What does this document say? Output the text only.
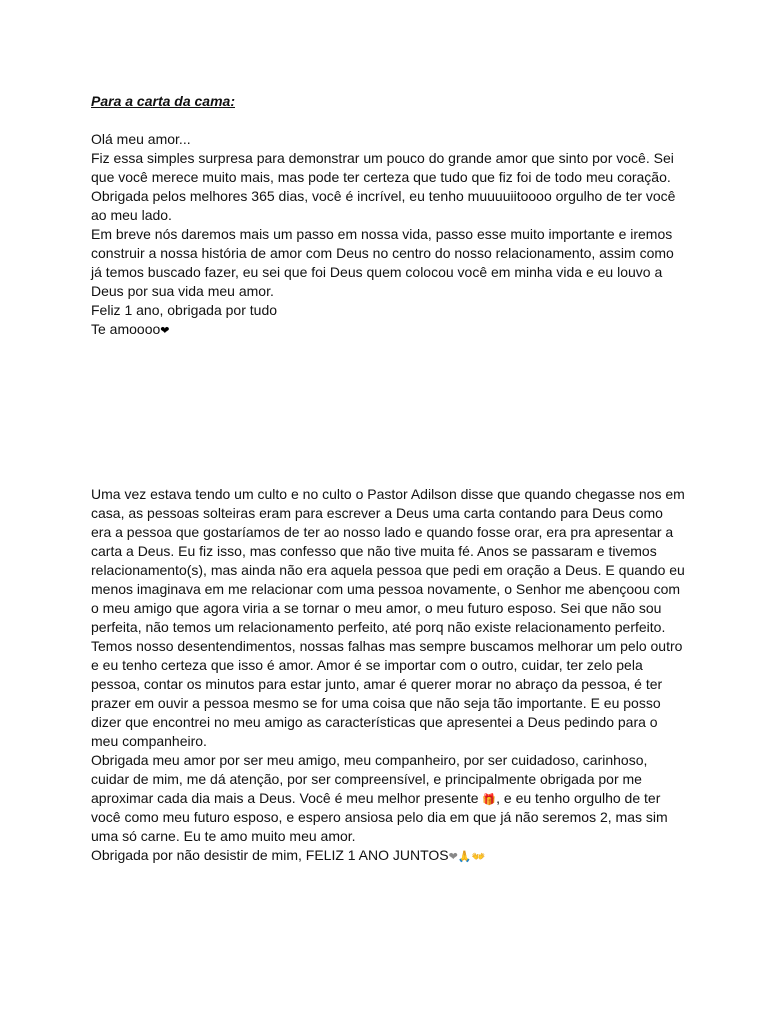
Para a carta da cama:
Olá meu amor...
Fiz essa simples surpresa para demonstrar um pouco do grande amor que sinto por você. Sei
que você merece muito mais, mas pode ter certeza que tudo que fiz foi de todo meu coração.
Obrigada pelos melhores 365 dias, você é incrível, eu tenho muuuuiitoooo orgulho de ter você
ao meu lado.
Em breve nós daremos mais um passo em nossa vida, passo esse muito importante e iremos
construir a nossa história de amor com Deus no centro do nosso relacionamento, assim como
já temos buscado fazer, eu sei que foi Deus quem colocou você em minha vida e eu louvo a
Deus por sua vida meu amor.
Feliz 1 ano, obrigada por tudo
Te amoooo❤
Uma vez estava tendo um culto e no culto o Pastor Adilson disse que quando chegasse nos em
casa, as pessoas solteiras eram para escrever a Deus uma carta contando para Deus como
era a pessoa que gostaríamos de ter ao nosso lado e quando fosse orar, era pra apresentar a
carta a Deus. Eu fiz isso, mas confesso que não tive muita fé. Anos se passaram e tivemos
relacionamento(s), mas ainda não era aquela pessoa que pedi em oração a Deus. E quando eu
menos imaginava em me relacionar com uma pessoa novamente, o Senhor me abençoou com
o meu amigo que agora viria a se tornar o meu amor, o meu futuro esposo. Sei que não sou
perfeita, não temos um relacionamento perfeito, até porq não existe relacionamento perfeito.
Temos nosso desentendimentos, nossas falhas mas sempre buscamos melhorar um pelo outro
e eu tenho certeza que isso é amor. Amor é se importar com o outro, cuidar, ter zelo pela
pessoa, contar os minutos para estar junto, amar é querer morar no abraço da pessoa, é ter
prazer em ouvir a pessoa mesmo se for uma coisa que não seja tão importante. E eu posso
dizer que encontrei no meu amigo as características que apresentei a Deus pedindo para o
meu companheiro.
Obrigada meu amor por ser meu amigo, meu companheiro, por ser cuidadoso, carinhoso,
cuidar de mim, me dá atenção, por ser compreensível, e principalmente obrigada por me
aproximar cada dia mais a Deus. Você é meu melhor presente 🎁, e eu tenho orgulho de ter
você como meu futuro esposo, e espero ansiosa pelo dia em que já não seremos 2, mas sim
uma só carne. Eu te amo muito meu amor.
Obrigada por não desistir de mim, FELIZ 1 ANO JUNTOS❤🙏👐
